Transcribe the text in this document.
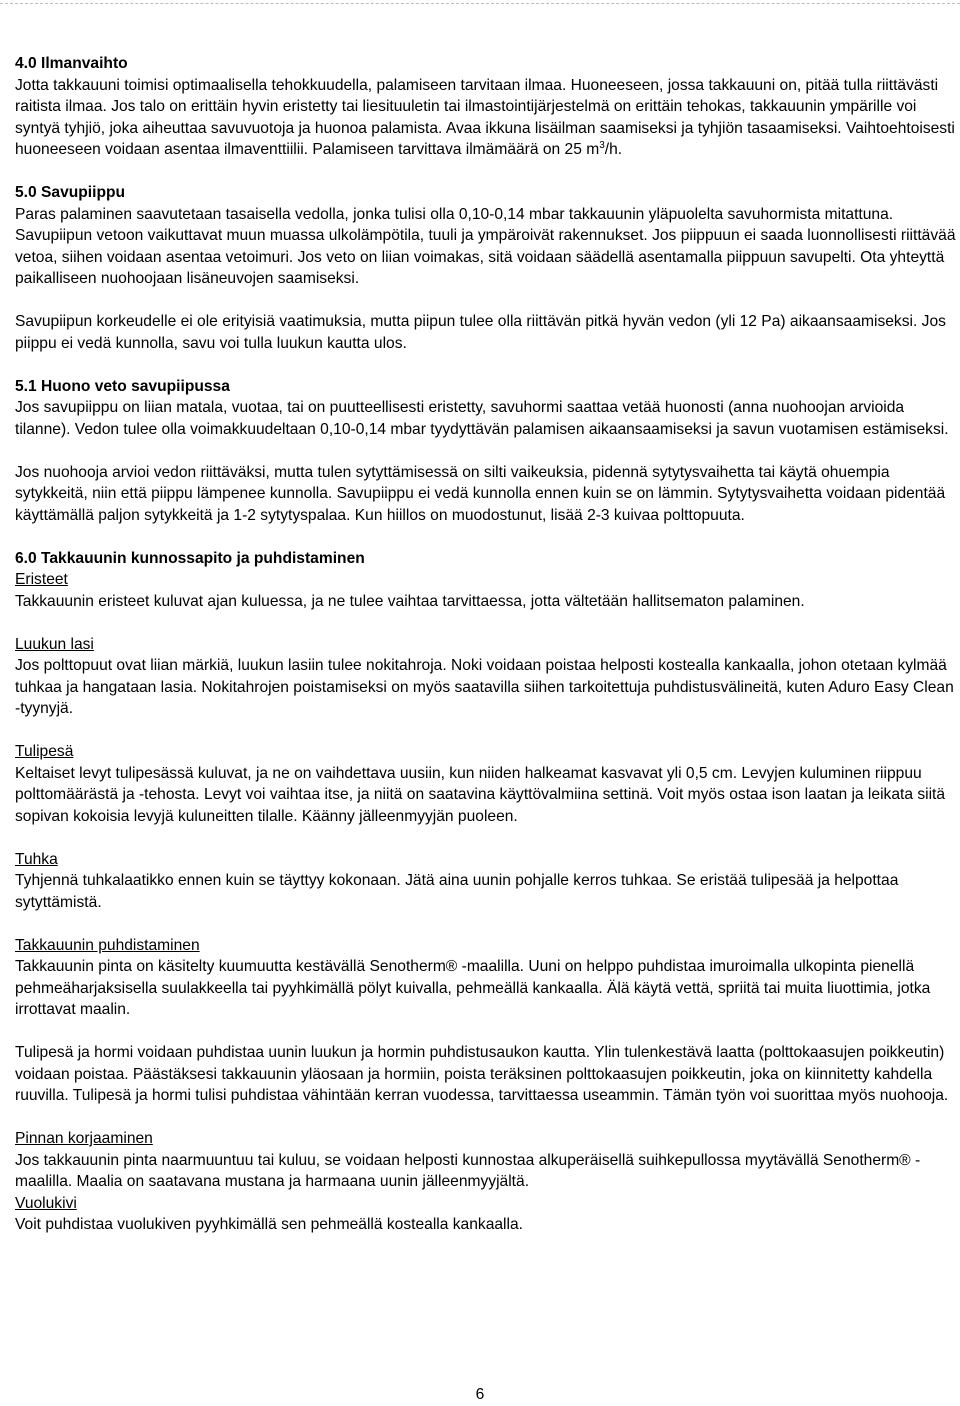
4.0 Ilmanvaihto

Jotta takkauuni toimisi optimaalisella tehokkuudella, palamiseen tarvitaan ilmaa. Huoneeseen, jossa takkauuni on, pitää tulla riittävästi raitista ilmaa. Jos talo on erittäin hyvin eristetty tai liesituuletin tai ilmastointijärjestelmä on erittäin tehokas, takkauunin ympärille voi syntyä tyhjiö, joka aiheuttaa savuvuotoja ja huonoa palamista. Avaa ikkuna lisäilman saamiseksi ja tyhjiön tasaamiseksi. Vaihtoehtoisesti huoneeseen voidaan asentaa ilmaventtiilii. Palamiseen tarvittava ilmämäärä on 25 $m^3/h$.

5.0 Savupiippu

Paras palaminen saavutetaan tasaisella vedolla, jonka tulisi olla 0,10-0,14 mbar takkauunin yläpuolelta savuhormista mitattuna. Savupiipun vetoon vaikuttavat muun muassa ulkolämpötila, tuuli ja ympäroivät rakennukset. Jos piippuun ei saada luonnollisesti riittävää vetoa, siihen voidaan asentaa vetoimuri. Jos veto on liian voimakas, sitä voidaan säädellä asentamalla piippuun savupelti. Ota yhteyttä paikalliseen nuohoojaan lisäneuvojen saamiseksi.

Savupiipun korkeudelle ei ole erityisiä vaatimuksia, mutta piipun tulee olla riittävän pitkä hyvän vedon (yli 12 Pa) aikaansaamiseksi. Jos piippu ei vedä kunnolla, savu voi tulla luukun kautta ulos.

5.1 Huono veto savupiipussa

Jos savupiippu on liian matala, vuotaa, tai on puutteellisesti eristetty, savuhormi saattaa vetää huonosti (anna nuohoojan arvioida tilanne). Vedon tulee olla voimakkuudeltaan 0,10-0,14 mbar tyydyttävän palamisen aikaansaamiseksi ja savun vuotamisen estämiseksi.

Jos nuohooja arvioi vedon riittäväksi, mutta tulen sytyttämisessä on silti vaikeuksia, pidennä sytytysvaihetta tai käytä ohuempia sytykkeitä, niin että piippu lämpenee kunnolla. Savupiippu ei vedä kunnolla ennen kuin se on lämmin. Sytytysvaihetta voidaan pidentää käyttämällä paljon sytykkeitä ja 1-2 sytytyspalaa. Kun hiillos on muodostunut, lisää 2-3 kuivaa polttopuuta.

6.0 Takkauunin kunnossapito ja puhdistaminen
Eristeet

Takkauunin eristeet kuluvat ajan kuluessa, ja ne tulee vaihtaa tarvittaessa, jotta vältetään hallitsematon palaminen.

Luukun lasi

Jos polttopuut ovat liian märkiä, luukun lasiin tulee nokitahroja. Noki voidaan poistaa helposti kostealla kankaalla, johon otetaan kylmää tuhkaa ja hangataan lasia. Nokitahrojen poistamiseksi on myös saatavilla siihen tarkoitettuja puhdistusvälineitä, kuten Aduro Easy Clean -tyynyjä.

Tulipesä

Keltaiset levyt tulipesässä kuluvat, ja ne on vaihdettava uusiin, kun niiden halkeamat kasvavat yli 0,5 cm. Levyjen kuluminen riippuu polttomäärästä ja -tehosta. Levyt voi vaihtaa itse, ja niitä on saatavina käyttövalmiina settinä. Voit myös ostaa ison laatan ja leikata siitä sopivan kokoisia levyjä kuluneitten tilalle. Käänny jälleenmyyjän puoleen.

Tuhka

Tyhjennä tuhkalaatikko ennen kuin se täyttyy kokonaan. Jätä aina uunin pohjalle kerros tuhkaa. Se eristää tulipesää ja helpottaa sytyttämistä.

Takkauunin puhdistaminen

Takkauunin pinta on käsitelty kuumuutta kestävällä Senotherm® -maalilla. Uuni on helppo puhdistaa imuroimalla ulkopinta pienellä pehmeäharjaksisella suulakkeella tai pyyhkimällä pölyt kuivalla, pehmeällä kankaalla. Älä käytä vettä, spriitä tai muita liuottimia, jotka irrottavat maalin.

Tulipesä ja hormi voidaan puhdistaa uunin luukun ja hormin puhdistusaukon kautta. Ylin tulenkestävä laatta (polttokaasujen poikkeutin) voidaan poistaa. Päästäksesi takkauunin yläosaan ja hormiin, poista teräksinen polttokaasujen poikkeutin, joka on kiinnitetty kahdella ruuvilla. Tulipesä ja hormi tulisi puhdistaa vähintään kerran vuodessa, tarvittaessa useammin. Tämän työn voi suorittaa myös nuohooja.

Pinnan korjaaminen

Jos takkauunin pinta naarmuuntuu tai kuluu, se voidaan helposti kunnostaa alkuperäisellä suihkepullossa myytävällä Senotherm® -maalilla. Maalia on saatavana mustana ja harmaana uunin jälleenmyyjältä.

Vuolukivi

Voit puhdistaa vuolukiven pyyhkimällä sen pehmeällä kostealla kankaalla.

6
